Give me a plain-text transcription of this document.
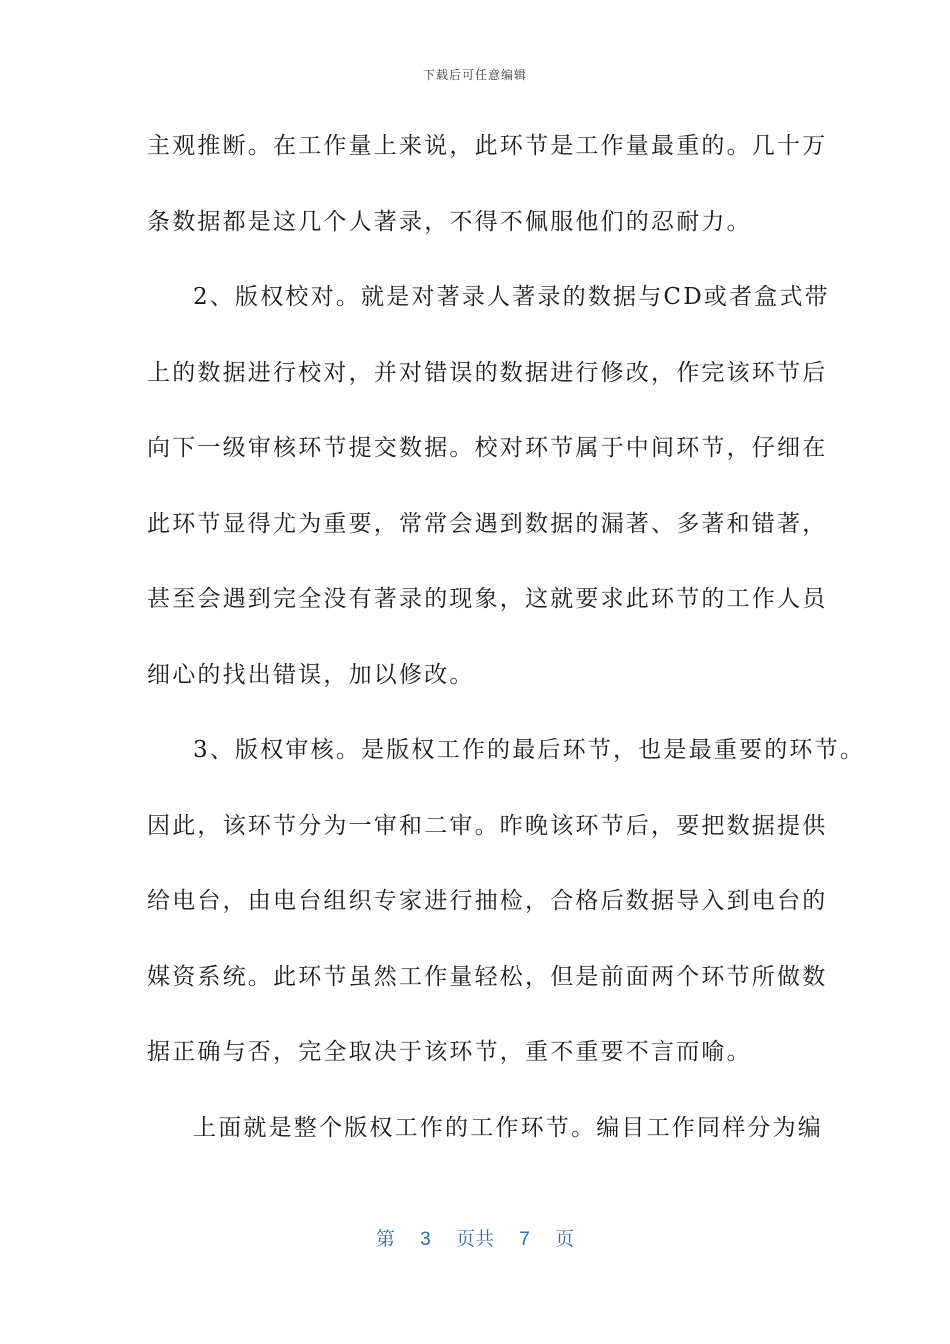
下载后可任意编辑
主观推断。在工作量上来说，此环节是工作量最重的。几十万
条数据都是这几个人著录，不得不佩服他们的忍耐力。
2、版权校对。就是对著录人著录的数据与CD或者盒式带
上的数据进行校对，并对错误的数据进行修改，作完该环节后
向下一级审核环节提交数据。校对环节属于中间环节，仔细在
此环节显得尤为重要，常常会遇到数据的漏著、多著和错著，
甚至会遇到完全没有著录的现象，这就要求此环节的工作人员
细心的找出错误，加以修改。
3、版权审核。是版权工作的最后环节，也是最重要的环节。
因此，该环节分为一审和二审。昨晚该环节后，要把数据提供
给电台，由电台组织专家进行抽检，合格后数据导入到电台的
媒资系统。此环节虽然工作量轻松，但是前面两个环节所做数
据正确与否，完全取决于该环节，重不重要不言而喻。
上面就是整个版权工作的工作环节。编目工作同样分为编
第 3 页共 7 页
